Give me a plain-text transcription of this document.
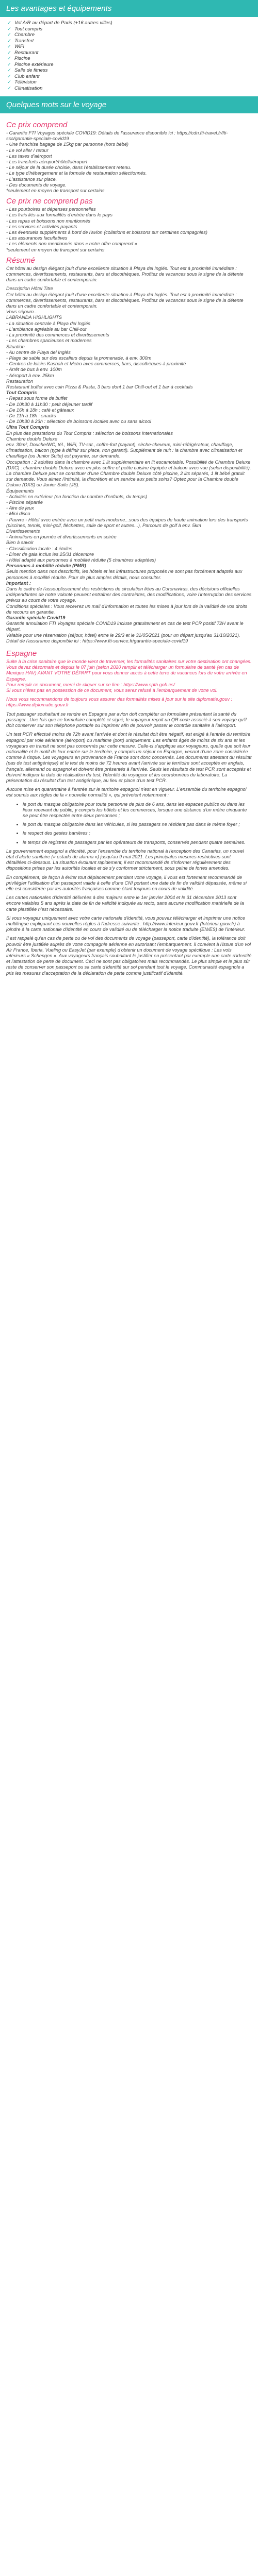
Les avantages et équipements
✓ Vol A/R au départ de Paris (+16 autres villes)
✓ Tout compris
✓ Chambre
✓ Transfert
✓ WiFi
✓ Restaurant
✓ Piscine
✓ Piscine extérieure
✓ Salle de fitness
✓ Club enfant
✓ Télévision
✓ Climatisation
Quelques mots sur le voyage
Ce prix comprend

- Garantie FTI Voyages spéciale COVID19: Détails de l'assurance disponible ici : https://cdn.fti-travel.fr/fti-ssa/garantie-speciale-covid19

- Une franchise bagage de 15kg par personne (hors bébé)

- Le vol aller / retour

- Les taxes d'aéroport

- Les transferts aéroport/hôtel/aéroport

- Le séjour de la durée choisie, dans l'établissement retenu.

- Le type d'hébergement et la formule de restauration sélectionnés.

- L'assistance sur place.

- Des documents de voyage.

*seulement en moyen de transport sur certains

Ce prix ne comprend pas

- Les pourboires et dépenses personnelles

- Les frais liés aux formalités d'entrée dans le pays

- Les repas et boissons non mentionnés

- Les services et activités payants

- Les éventuels suppléments à bord de l'avion (collations et boissons sur certaines compagnies)

- Les assurances facultatives

- Les éléments non mentionnés dans « notre offre comprend »

*seulement en moyen de transport sur certains

Résumé

Cet hôtel au design élégant jouit d'une excellente situation à Playa del Inglés. Tout est à proximité immédiate : commerces, divertissements, restaurants, bars et discothèques. Profitez de vacances sous le signe de la détente dans un cadre confortable et contemporain.

Description Hôtel Titre

Cet hôtel au design élégant jouit d'une excellente situation à Playa del Inglés. Tout est à proximité immédiate : commerces, divertissements, restaurants, bars et discothèques. Profitez de vacances sous le signe de la détente dans un cadre confortable et contemporain.

Vous séjourn...

LABRANDA HIGHLIGHTS

- La situation centrale à Playa del Inglés

- L'ambiance agréable au bar Chill-out

- La proximité des commerces et divertissements

- Les chambres spacieuses et modernes

Situation

- Au centre de Playa del Inglés

- Plage de sable sur des escaliers depuis la promenade, à env. 300m

- Centres de loisirs Kasbah et Metro avec commerces, bars, discothèques à proximité

- Arrêt de bus à env. 100m

- Aéroport à env. 25km

Restauration

Restaurant buffet avec coin Pizza & Pasta, 3 bars dont 1 bar Chill-out et 1 bar à cocktails

Tout Compris

- Repas sous forme de buffet

- De 10h30 à 11h30 : petit déjeuner tardif

- De 16h à 18h : café et gâteaux

- De 11h à 18h : snacks

- De 10h30 à 23h : sélection de boissons locales avec ou sans alcool

Ultra Tout Compris

En plus des prestations du Tout Compris : sélection de boissons internationales

Chambre double Deluxe

env. 30m², Douche/WC, tél., WiFi, TV-sat., coffre-fort (payant), sèche-cheveux, mini-réfrigérateur, chauffage, climatisation, balcon (type à définir sur place, non garanti). Supplément de nuit : la chambre avec climatisation et chauffage (ou Junior Suite) est payante, sur demande.

Occupation : 2 adultes dans la chambre avec 1 lit supplémentaire en lit escamotable. Possibilité de Chambre Deluxe (DXC) : chambre double Deluxe avec en plus coffre et petite cuisine équipée et balcon avec vue (selon disponibilité). La chambre Deluxe peut se constituer d'une Chambre double Deluxe côté piscine, 2 lits séparés, 1 lit bébé gratuit sur demande. Vous aimez l'intimité, la discrétion et un service aux petits soins? Optez pour la Chambre double Deluxe (DXS) ou Junior Suite (JS).

Équipements

- Activités en extérieur (en fonction du nombre d'enfants, du temps)

- Piscine séparée

- Aire de jeux

- Mini disco

- Pauvre - Hôtel avec entrée avec un petit mais moderne...sous des équipes de haute animation lors des transports (piscines, tennis, mini-golf, fléchettes, salle de sport et autres...), Parcours de golf à env. 5km

Divertissements

- Animations en journée et divertissements en soirée

Bien à savoir

- Classification locale : 4 étoiles

- Dîner de gala inclus les 25/31 décembre

- Hôtel adapté aux personnes à mobilité réduite (5 chambres adaptées)

Personnes à mobilité réduite (PMR)

Seuls mention dans nos descriptifs, les hôtels et les infrastructures proposés ne sont pas forcément adaptés aux personnes à mobilité réduite. Pour de plus amples détails, nous consulter.

Important :

Dans le cadre de l'assouplissement des restrictions de circulation liées au Coronavirus, des décisions officielles indépendantes de notre volonté peuvent entraîner des contraintes, des modifications, voire l'interruption des services prévus au cours de votre voyage.

Conditions spéciales : Vous recevrez un mail d'information et toutes les mises à jour lors de la validité de vos droits de recours en garantie.

Garantie spéciale Covid19

Garantie annulation FTI Voyages spéciale COVID19 incluse gratuitement en cas de test PCR positif 72H avant le départ.

Valable pour une réservation (séjour, hôtel) entre le 29/3 et le 31/05/2021 (pour un départ jusqu'au 31/10/2021).

Détail de l'assurance disponible ici : https://www.fti-service.fr/garantie-speciale-covid19

Espagne

Suite à la crise sanitaire que le monde vient de traverser, les formalités sanitaires sur votre destination ont changées.
Vous devez désormais et depuis le 07 juin (selon 2020 remplir et télécharger un formulaire de santé (en cas de Mexique HAV) AVANT VOTRE DÉPART pour vous donner accès à cette terre de vacances lors de votre arrivée en Espagne.
Pour remplir ce document, merci de cliquer sur ce lien : https://www.spth.gob.es/
Si vous n'êtes pas en possession de ce document, vous serez refusé à l'embarquement de votre vol.

Nous vous recommandons de toujours vous assurer des formalités mises à jour sur le site diplomatie.gouv : https://www.diplomatie.gouv.fr

Tout passager souhaitant se rendre en Espagne par avion doit compléter un formulaire présentant la santé du passager...Une fois que ce formulaire complété et signé, le voyageur reçoit un QR code associé à son voyage qu'il doit conserver sur son téléphone portable ou imprimer afin de pouvoir passer le contrôle sanitaire à l'aéroport.

Un test PCR effectué moins de 72h avant l'arrivée et dont le résultat doit être négatif, est exigé à l'entrée du territoire espagnol par voie aérienne (aéroport) ou maritime (port) uniquement. Les enfants âgés de moins de six ans et les voyageurs en transit ne sont pas concernés par cette mesure. Celle-ci s'applique aux voyageurs, quelle que soit leur nationalité et le motif de leur entrée sur le territoire, y compris un séjour en Espagne, venant d'une zone considérée comme à risque. Les voyageurs en provenance de France sont donc concernés. Les documents attestant du résultat (pas de test antigénique) et le test de moins de 72 heures avant l'arrivée sur le territoire sont acceptés en anglais, français, allemand ou espagnol et doivent être présentés à l'arrivée. Seuls les résultats de test PCR sont acceptés et doivent indiquer la date de réalisation du test, l'identité du voyageur et les coordonnées du laboratoire. La présentation du résultat d'un test antigénique, au lieu et place d'un test PCR.

Aucune mise en quarantaine à l'entrée sur le territoire espagnol n'est en vigueur. L'ensemble du territoire espagnol est soumis aux règles de la « nouvelle normalité », qui prévoient notamment :

• le port du masque obligatoire pour toute personne de plus de 6 ans, dans les espaces publics ou dans les lieux recevant du public, y compris les hôtels et les commerces, lorsque une distance d'un mètre cinquante ne peut être respectée entre deux personnes ;
• le port du masque obligatoire dans les véhicules, si les passagers ne résident pas dans le même foyer ;
• le respect des gestes barrières ;
• le temps de registres de passagers par les opérateurs de transports, conservés pendant quatre semaines.

Le gouvernement espagnol a décrété, pour l'ensemble du territoire national à l'exception des Canaries, un nouvel état d'alerte sanitaire (« estado de alarma ») jusqu'au 9 mai 2021. Les principales mesures restrictives sont détaillées ci-dessous. La situation évoluant rapidement, il est recommandé de s'informer régulièrement des dispositions prises par les autorités locales et de s'y conformer strictement, sous peine de fortes amendes.

En complément, de façon à éviter tout déplacement pendant votre voyage, il vous est fortement recommandé de privilégier l'utilisation d'un passeport valide à celle d'une CNI portant une date de fin de validité dépassée, même si elle est considérée par les autorités françaises comme étant toujours en cours de validité.

Les cartes nationales d'identité délivrées à des majeurs entre le 1er janvier 2004 et le 31 décembre 2013 sont encore valables 5 ans après la date de fin de validité indiquée au recto, sans aucune modification matérielle de la carte plastifiée n'est nécessaire.

Si vous voyagez uniquement avec votre carte nationale d'identité, vous pouvez télécharger et imprimer une notice multilingue expliquant ces nouvelles règles à l'adresse suivante : http://www.interieur.gouv.fr (Intérieur.gouv.fr) à joindre à la carte nationale d'identité en cours de validité ou de télécharger la notice traduite (EN/ES) de l'intérieur.

Il est rappelé qu'en cas de perte ou de vol des documents de voyage (passeport, carte d'identité), la tolérance doit pouvoir être justifiée auprès de votre compagnie aérienne en autorisant l'embarquement. Il convient à l'issue d'un vol Air France, Iberia, Vueling ou EasyJet (par exemple) d'obtenir un document de voyage spécifique : Les vols intérieurs « Schengen ». Aux voyageurs français souhaitant le justifier en présentant par exemple une carte d'identité et l'attestation de perte de document. Ceci ne sont pas obligatoires mais recommandés. Le plus simple et le plus sûr reste de conserver son passeport ou sa carte d'identité sur soi pendant tout le voyage. Communauté espagnole a pris les mesures d'acceptation de la déclaration de perte comme justificatif d'identité.
